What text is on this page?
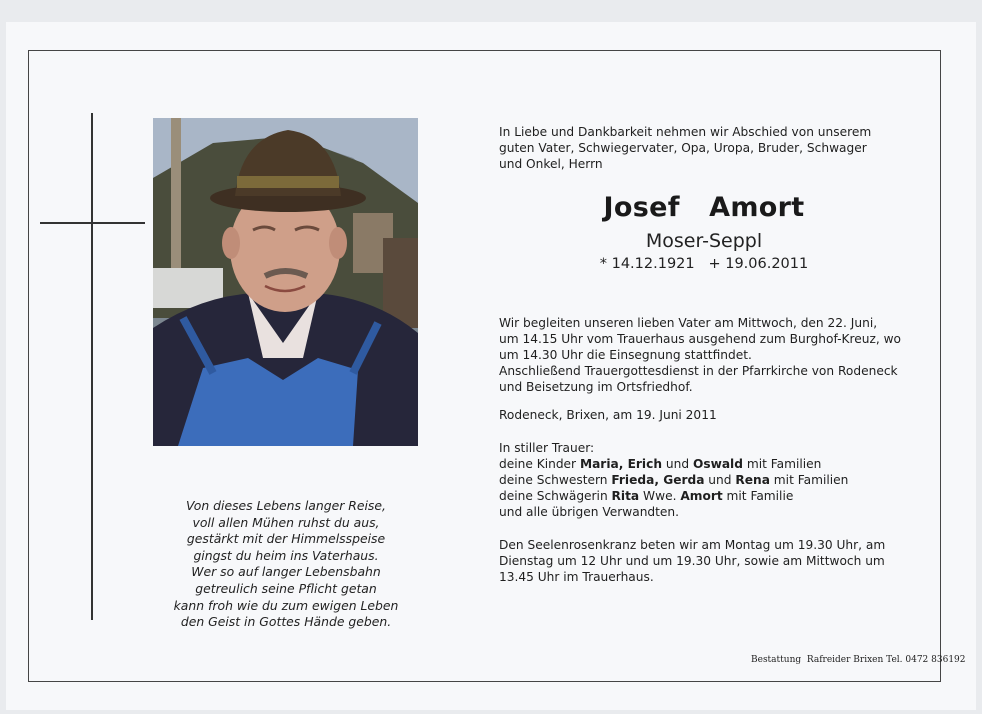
Von dieses Lebens langer Reise,
voll allen Mühen ruhst du aus,
gestärkt mit der Himmelsspeise
gingst du heim ins Vaterhaus.
Wer so auf langer Lebensbahn
getreulich seine Pflicht getan
kann froh wie du zum ewigen Leben
den Geist in Gottes Hände geben.
In Liebe und Dankbarkeit nehmen wir Abschied von unserem
guten Vater, Schwiegervater, Opa, Uropa, Bruder, Schwager
und Onkel, Herrn
Josef  Amort
Moser-Seppl
* 14.12.1921   + 19.06.2011
Wir begleiten unseren lieben Vater am Mittwoch, den 22. Juni,
um 14.15 Uhr vom Trauerhaus ausgehend zum Burghof-Kreuz, wo
um 14.30 Uhr die Einsegnung stattfindet.
Anschließend Trauergottesdienst in der Pfarrkirche von Rodeneck
und Beisetzung im Ortsfriedhof.
Rodeneck, Brixen, am 19. Juni 2011
In stiller Trauer:
deine Kinder Maria, Erich und Oswald mit Familien
deine Schwestern Frieda, Gerda und Rena mit Familien
deine Schwägerin Rita Wwe. Amort mit Familie
und alle übrigen Verwandten.
Den Seelenrosenkranz beten wir am Montag um 19.30 Uhr, am
Dienstag um 12 Uhr und um 19.30 Uhr, sowie am Mittwoch um
13.45 Uhr im Trauerhaus.
Bestattung  Rafreider Brixen Tel. 0472 836192
